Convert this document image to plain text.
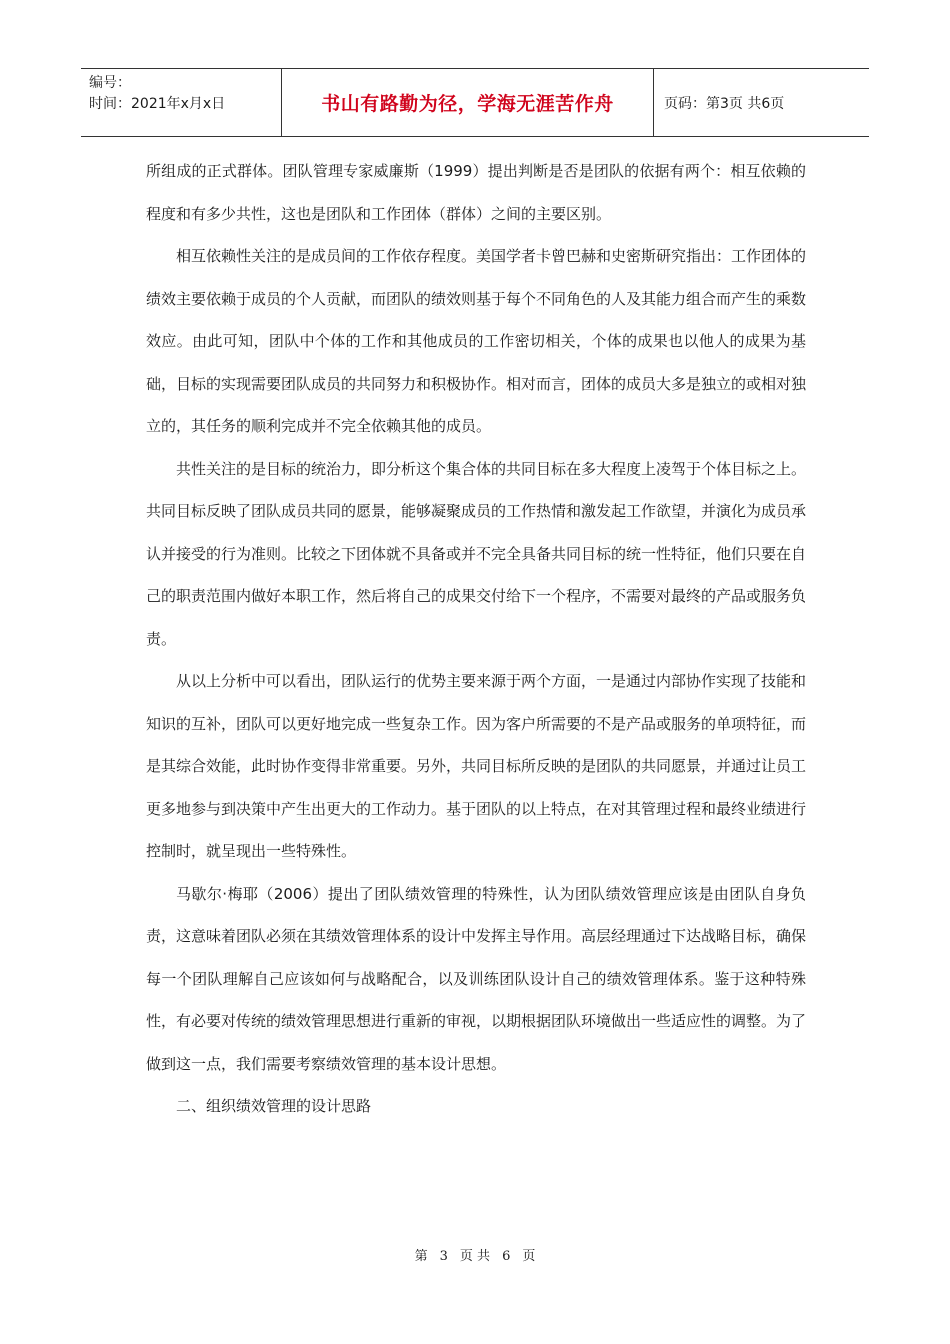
编号：
时间：2021年x月x日	书山有路勤为径，学海无涯苦作舟	页码：第3页 共6页

所组成的正式群体。团队管理专家威廉斯（1999）提出判断是否是团队的依据有两个：相互依赖的程度和有多少共性，这也是团队和工作团体（群体）之间的主要区别。

相互依赖性关注的是成员间的工作依存程度。美国学者卡曾巴赫和史密斯研究指出：工作团体的绩效主要依赖于成员的个人贡献，而团队的绩效则基于每个不同角色的人及其能力组合而产生的乘数效应。由此可知，团队中个体的工作和其他成员的工作密切相关，个体的成果也以他人的成果为基础，目标的实现需要团队成员的共同努力和积极协作。相对而言，团体的成员大多是独立的或相对独立的，其任务的顺利完成并不完全依赖其他的成员。

共性关注的是目标的统治力，即分析这个集合体的共同目标在多大程度上凌驾于个体目标之上。共同目标反映了团队成员共同的愿景，能够凝聚成员的工作热情和激发起工作欲望，并演化为成员承认并接受的行为准则。比较之下团体就不具备或并不完全具备共同目标的统一性特征，他们只要在自己的职责范围内做好本职工作，然后将自己的成果交付给下一个程序，不需要对最终的产品或服务负责。

从以上分析中可以看出，团队运行的优势主要来源于两个方面，一是通过内部协作实现了技能和知识的互补，团队可以更好地完成一些复杂工作。因为客户所需要的不是产品或服务的单项特征，而是其综合效能，此时协作变得非常重要。另外，共同目标所反映的是团队的共同愿景，并通过让员工更多地参与到决策中产生出更大的工作动力。基于团队的以上特点，在对其管理过程和最终业绩进行控制时，就呈现出一些特殊性。

马歇尔·梅耶（2006）提出了团队绩效管理的特殊性，认为团队绩效管理应该是由团队自身负责，这意味着团队必须在其绩效管理体系的设计中发挥主导作用。高层经理通过下达战略目标，确保每一个团队理解自己应该如何与战略配合，以及训练团队设计自己的绩效管理体系。鉴于这种特殊性，有必要对传统的绩效管理思想进行重新的审视，以期根据团队环境做出一些适应性的调整。为了做到这一点，我们需要考察绩效管理的基本设计思想。

二、组织绩效管理的设计思路

第 3 页 共 6 页
